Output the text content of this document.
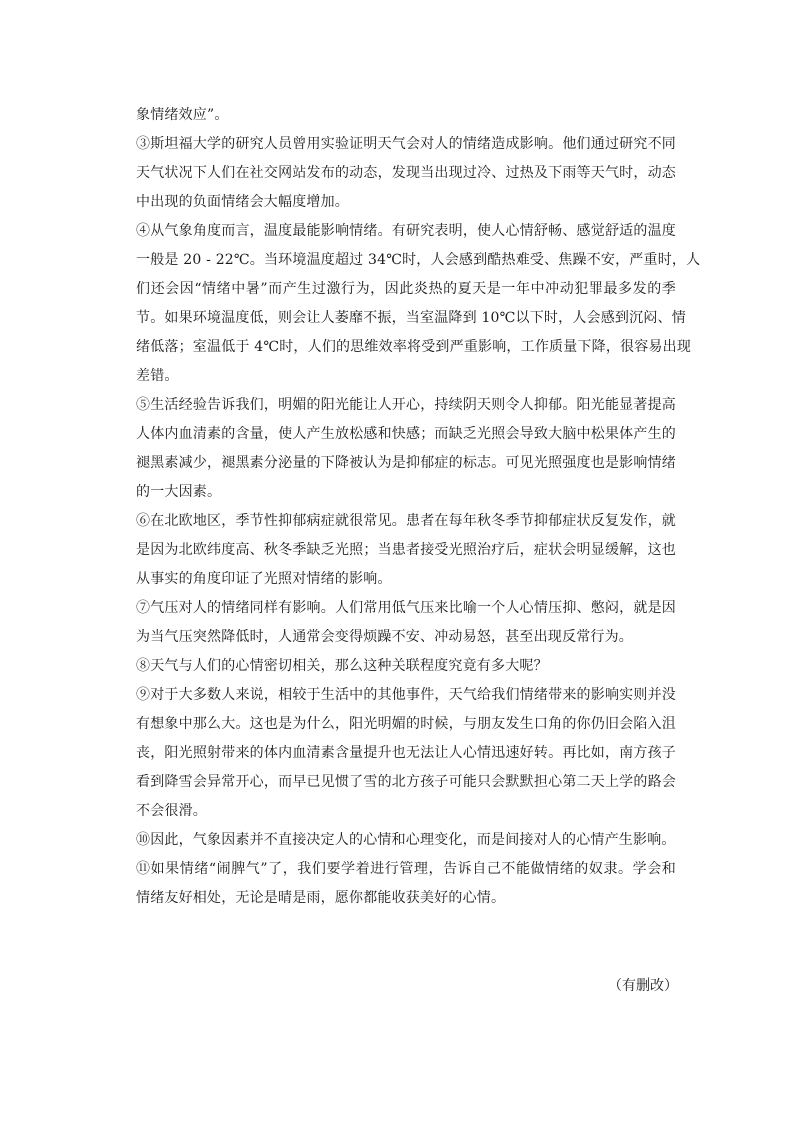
象情绪效应”。
③斯坦福大学的研究人员曾用实验证明天气会对人的情绪造成影响。他们通过研究不同
天气状况下人们在社交网站发布的动态，发现当出现过冷、过热及下雨等天气时，动态
中出现的负面情绪会大幅度增加。
④从气象角度而言，温度最能影响情绪。有研究表明，使人心情舒畅、感觉舒适的温度
一般是 20 - 22℃。当环境温度超过 34℃时，人会感到酷热难受、焦躁不安，严重时，人
们还会因“情绪中暑”而产生过激行为，因此炎热的夏天是一年中冲动犯罪最多发的季
节。如果环境温度低，则会让人萎靡不振，当室温降到 10℃以下时，人会感到沉闷、情
绪低落；室温低于 4℃时，人们的思维效率将受到严重影响，工作质量下降，很容易出现
差错。
⑤生活经验告诉我们，明媚的阳光能让人开心，持续阴天则令人抑郁。阳光能显著提高
人体内血清素的含量，使人产生放松感和快感；而缺乏光照会导致大脑中松果体产生的
褪黑素减少，褪黑素分泌量的下降被认为是抑郁症的标志。可见光照强度也是影响情绪
的一大因素。
⑥在北欧地区，季节性抑郁病症就很常见。患者在每年秋冬季节抑郁症状反复发作，就
是因为北欧纬度高、秋冬季缺乏光照；当患者接受光照治疗后，症状会明显缓解，这也
从事实的角度印证了光照对情绪的影响。
⑦气压对人的情绪同样有影响。人们常用低气压来比喻一个人心情压抑、憋闷，就是因
为当气压突然降低时，人通常会变得烦躁不安、冲动易怒，甚至出现反常行为。
⑧天气与人们的心情密切相关，那么这种关联程度究竟有多大呢？
⑨对于大多数人来说，相较于生活中的其他事件，天气给我们情绪带来的影响实则并没
有想象中那么大。这也是为什么，阳光明媚的时候，与朋友发生口角的你仍旧会陷入沮
丧，阳光照射带来的体内血清素含量提升也无法让人心情迅速好转。再比如，南方孩子
看到降雪会异常开心，而早已见惯了雪的北方孩子可能只会默默担心第二天上学的路会
不会很滑。
⑩因此，气象因素并不直接决定人的心情和心理变化，而是间接对人的心情产生影响。
⑪如果情绪“闹脾气”了，我们要学着进行管理，告诉自己不能做情绪的奴隶。学会和
情绪友好相处，无论是晴是雨，愿你都能收获美好的心情。
（有删改）
